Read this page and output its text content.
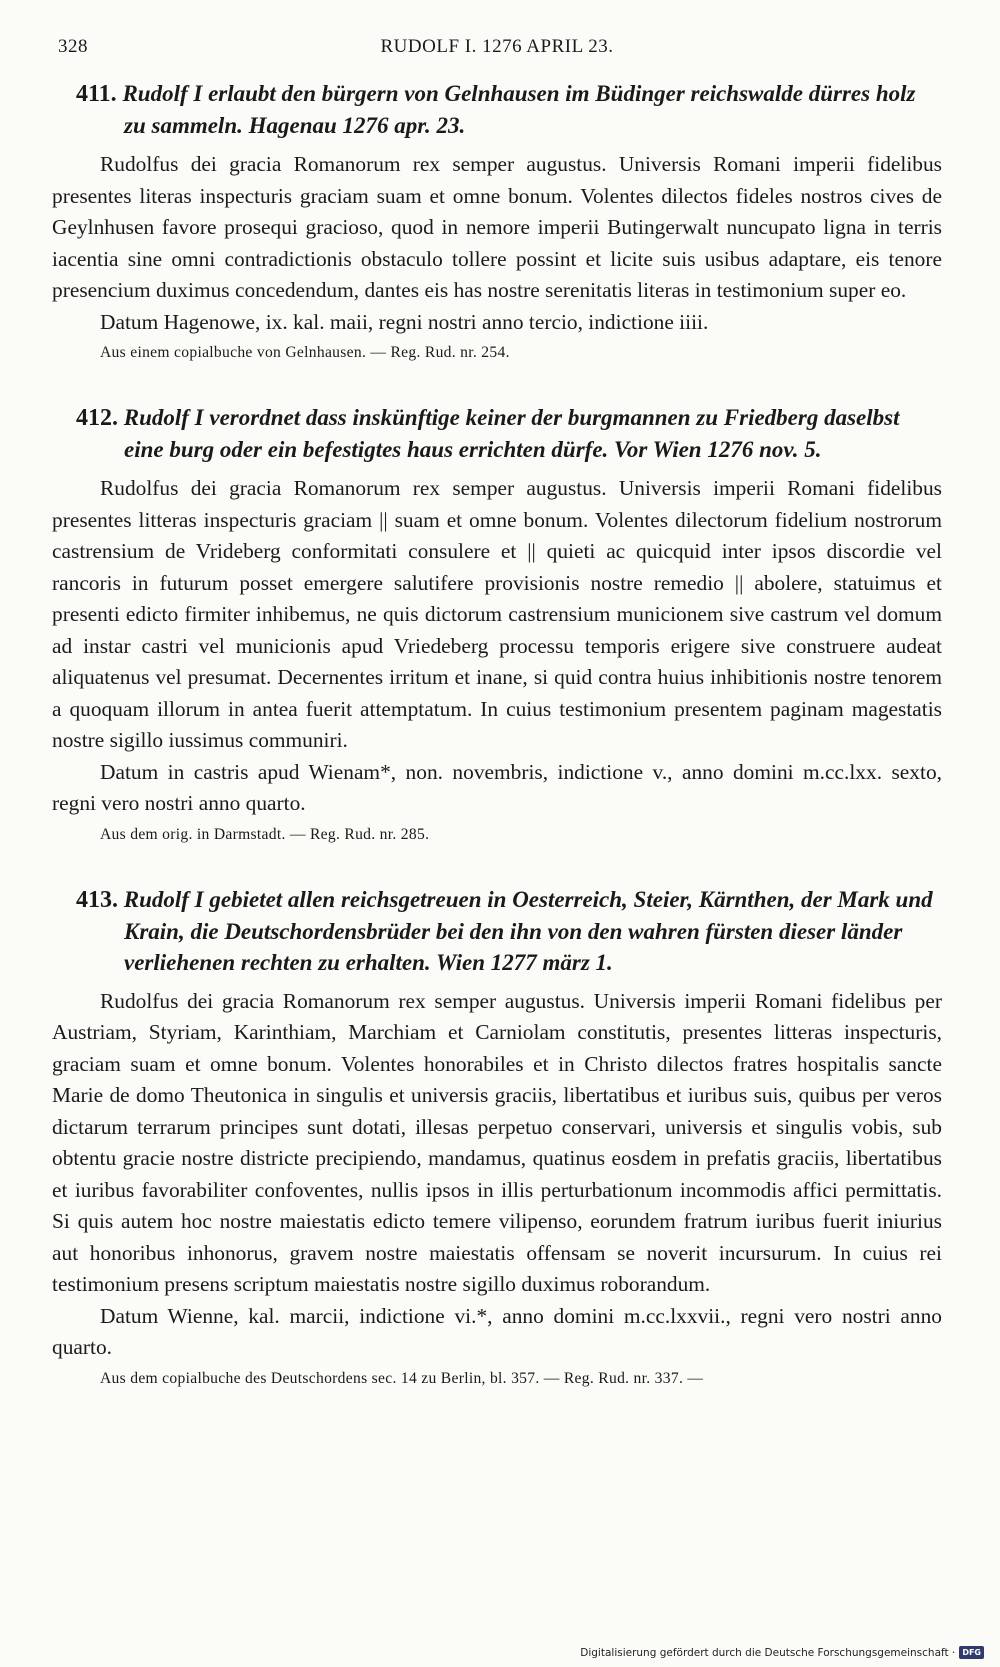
328	RUDOLF I. 1276 APRIL 23.
411. Rudolf I erlaubt den bürgern von Gelnhausen im Büdinger reichswalde dürres holz zu sammeln. Hagenau 1276 apr. 23.

Rudolfus dei gracia Romanorum rex semper augustus. Universis Romani imperii fidelibus presentes literas inspecturis graciam suam et omne bonum. Volentes dilectos fideles nostros cives de Geylnhusen favore prosequi gracioso, quod in nemore imperii Butingerwalt nuncupato ligna in terris iacentia sine omni contradictionis obstaculo tollere possint et licite suis usibus adaptare, eis tenore presencium duximus concedendum, dantes eis has nostre serenitatis literas in testimonium super eo.

Datum Hagenowe, ix. kal. maii, regni nostri anno tercio, indictione iiii.

Aus einem copialbuche von Gelnhausen. — Reg. Rud. nr. 254.
412. Rudolf I verordnet dass inskünftige keiner der burgmannen zu Friedberg daselbst eine burg oder ein befestigtes haus errichten dürfe. Vor Wien 1276 nov. 5.

Rudolfus dei gracia Romanorum rex semper augustus. Universis imperii Romani fidelibus presentes litteras inspecturis graciam || suam et omne bonum. Volentes dilectorum fidelium nostrorum castrensium de Vrideberg conformitati consulere et || quieti ac quicquid inter ipsos discordie vel rancoris in futurum posset emergere salutifere provisionis nostre remedio || abolere, statuimus et presenti edicto firmiter inhibemus, ne quis dictorum castrensium municionem sive castrum vel domum ad instar castri vel municionis apud Vriedeberg processu temporis erigere sive construere audeat aliquatenus vel presumat. Decernentes irritum et inane, si quid contra huius inhibitionis nostre tenorem a quoquam illorum in antea fuerit attemptatum. In cuius testimonium presentem paginam magestatis nostre sigillo iussimus communiri.

Datum in castris apud Wienam*, non. novembris, indictione v., anno domini m.cc.lxx. sexto, regni vero nostri anno quarto.

Aus dem orig. in Darmstadt. — Reg. Rud. nr. 285.
413. Rudolf I gebietet allen reichsgetreuen in Oesterreich, Steier, Kärnthen, der Mark und Krain, die Deutschordensbrüder bei den ihn von den wahren fürsten dieser länder verliehenen rechten zu erhalten. Wien 1277 märz 1.

Rudolfus dei gracia Romanorum rex semper augustus. Universis imperii Romani fidelibus per Austriam, Styriam, Karinthiam, Marchiam et Carniolam constitutis, presentes litteras inspecturis, graciam suam et omne bonum. Volentes honorabiles et in Christo dilectos fratres hospitalis sancte Marie de domo Theutonica in singulis et universis graciis, libertatibus et iuribus suis, quibus per veros dictarum terrarum principes sunt dotati, illesas perpetuo conservari, universis et singulis vobis, sub obtentu gracie nostre districte precipiendo, mandamus, quatinus eosdem in prefatis graciis, libertatibus et iuribus favorabiliter confoventes, nullis ipsos in illis perturbationum incommodis affici permittatis. Si quis autem hoc nostre maiestatis edicto temere vilipenso, eorundem fratrum iuribus fuerit iniurius aut honoribus inhonorus, gravem nostre maiestatis offensam se noverit incursurum. In cuius rei testimonium presens scriptum maiestatis nostre sigillo duximus roborandum.

Datum Wienne, kal. marcii, indictione vi.*, anno domini m.cc.lxxvii., regni vero nostri anno quarto.

Aus dem copialbuche des Deutschordens sec. 14 zu Berlin, bl. 357. — Reg. Rud. nr. 337. —
Digitalisierung gefördert durch die Deutsche Forschungsgemeinschaft · DFG
